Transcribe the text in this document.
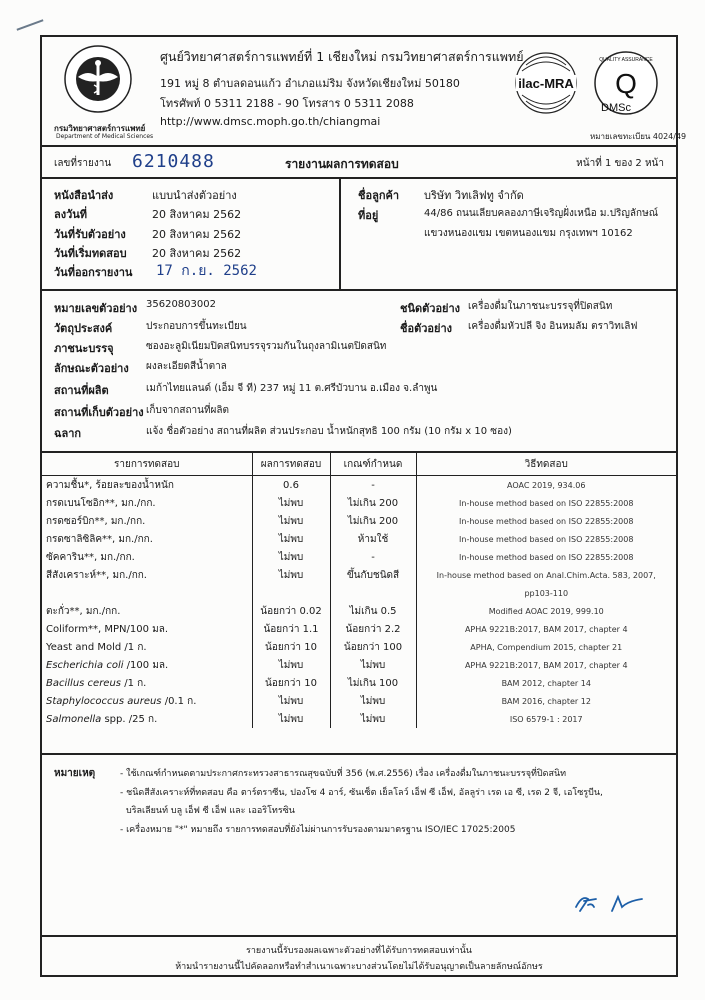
กรมวิทยาศาสตร์การแพทย์
Department of Medical Sciences
ศูนย์วิทยาศาสตร์การแพทย์ที่ 1 เชียงใหม่ กรมวิทยาศาสตร์การแพทย์
191 หมู่ 8 ตำบลดอนแก้ว อำเภอแม่ริม จังหวัดเชียงใหม่ 50180
โทรศัพท์ 0 5311 2188 - 90 โทรสาร 0 5311 2088
http://www.dmsc.moph.go.th/chiangmai
ilac-MRA Q
DMSc
QUALITY ASSURANCE
หมายเลขทะเบียน 4024/49
เลขที่รายงาน 6210488	รายงานผลการทดสอบ	หน้าที่ 1 ของ 2 หน้า
หนังสือนำส่ง	แบบนำส่งตัวอย่าง
ลงวันที่	20 สิงหาคม 2562
วันที่รับตัวอย่าง 20 สิงหาคม 2562
วันที่เริ่มทดสอบ 20 สิงหาคม 2562
วันที่ออกรายงาน 17 ก.ย. 2562
ชื่อลูกค้า บริษัท วิทเลิฟทู จำกัด
ที่อยู่	44/86 ถนนเลียบคลองภาษีเจริญฝั่งเหนือ ม.ปริญลักษณ์
แขวงหนองแขม เขตหนองแขม กรุงเทพฯ 10162
หมายเลขตัวอย่าง 35620803002
วัตถุประสงค์	ประกอบการขึ้นทะเบียน
ภาชนะบรรจุ	ซองอะลูมิเนียมปิดสนิทบรรจุรวมกันในถุงลามิเนตปิดสนิท
ลักษณะตัวอย่าง ผงละเอียดสีน้ำตาล
สถานที่ผลิต	เมก้าไทยแลนด์ (เอ็ม จี ที) 237 หมู่ 11 ต.ศรีบัวบาน อ.เมือง จ.ลำพูน
สถานที่เก็บตัวอย่าง เก็บจากสถานที่ผลิต
ฉลาก	แจ้ง ชื่อตัวอย่าง สถานที่ผลิต ส่วนประกอบ น้ำหนักสุทธิ 100 กรัม (10 กรัม x 10 ซอง)
ชนิดตัวอย่าง เครื่องดื่มในภาชนะบรรจุที่ปิดสนิท
ชื่อตัวอย่าง เครื่องดื่มหัวปลี จิง อินหมลัม ตราวิทเลิฟ
รายการทดสอบ	ผลการทดสอบ	เกณฑ์กำหนด	วิธีทดสอบ
ความชื้น*, ร้อยละของน้ำหนัก	0.6	-	AOAC 2019, 934.06
กรดเบนโซอิก**, มก./กก.	ไม่พบ	ไม่เกิน 200	In-house method based on ISO 22855:2008
กรดซอร์บิก**, มก./กก.	ไม่พบ	ไม่เกิน 200	In-house method based on ISO 22855:2008
กรดซาลิซิลิค**, มก./กก.	ไม่พบ	ห้ามใช้	In-house method based on ISO 22855:2008
ซัคคาริน**, มก./กก.	ไม่พบ	-	In-house method based on ISO 22855:2008
สีสังเคราะห์**, มก./กก.	ไม่พบ	ขึ้นกับชนิดสี	In-house method based on Anal.Chim.Acta. 583, 2007,
			pp103-110
ตะกั่ว**, มก./กก.	น้อยกว่า 0.02	ไม่เกิน 0.5	Modified AOAC 2019, 999.10
Coliform**, MPN/100 มล.	น้อยกว่า 1.1	น้อยกว่า 2.2	APHA 9221B:2017, BAM 2017, chapter 4
Yeast and Mold /1 ก.	น้อยกว่า 10	น้อยกว่า 100	APHA, Compendium 2015, chapter 21
Escherichia coli /100 มล.	ไม่พบ	ไม่พบ	APHA 9221B:2017, BAM 2017, chapter 4
Bacillus cereus /1 ก.	น้อยกว่า 10	ไม่เกิน 100	BAM 2012, chapter 14
Staphylococcus aureus /0.1 ก.	ไม่พบ	ไม่พบ	BAM 2016, chapter 12
Salmonella spp. /25 ก.	ไม่พบ	ไม่พบ	ISO 6579-1 : 2017
หมายเหตุ	- ใช้เกณฑ์กำหนดตามประกาศกระทรวงสาธารณสุขฉบับที่ 356 (พ.ศ.2556) เรื่อง เครื่องดื่มในภาชนะบรรจุที่ปิดสนิท
- ชนิดสีสังเคราะห์ที่ทดสอบ คือ ตาร์ตราซีน, ปองโซ 4 อาร์, ซันเซ็ต เย็ลโลว์ เอ็ฟ ซี เอ็ฟ, อัลลูร่า เรด เอ ซี, เรด 2 จี, เอโซรูบีน,
บริลเลียนท์ บลู เอ็ฟ ซี เอ็ฟ และ เออริโทรซิน
- เครื่องหมาย "*" หมายถึง รายการทดสอบที่ยังไม่ผ่านการรับรองตามมาตรฐาน ISO/IEC 17025:2005
รายงานนี้รับรองผลเฉพาะตัวอย่างที่ได้รับการทดสอบเท่านั้น
ห้ามนำรายงานนี้ไปคัดลอกหรือทำสำเนาเฉพาะบางส่วนโดยไม่ได้รับอนุญาตเป็นลายลักษณ์อักษร
